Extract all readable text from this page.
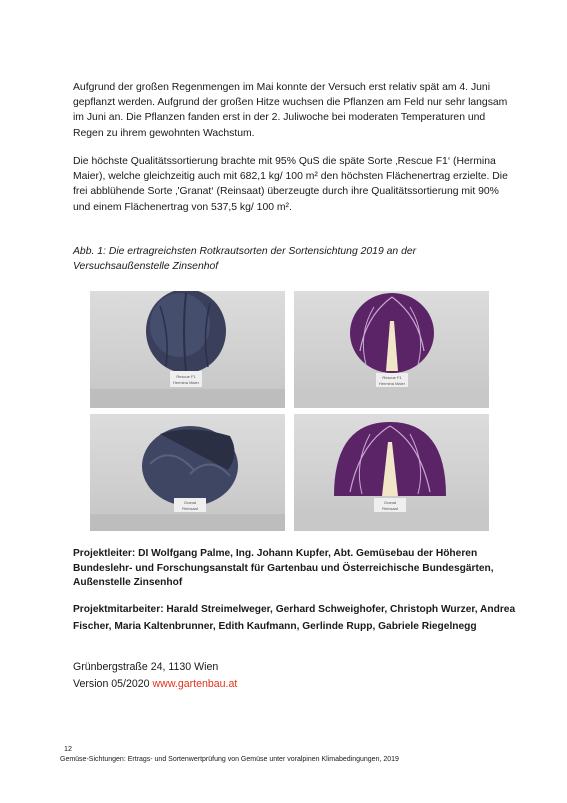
Aufgrund der großen Regenmengen im Mai konnte der Versuch erst relativ spät am 4. Juni gepflanzt werden. Aufgrund der großen Hitze wuchsen die Pflanzen am Feld nur sehr langsam im Juni an. Die Pflanzen fanden erst in der 2. Juliwoche bei moderaten Temperaturen und Regen zu ihrem gewohnten Wachstum.

Die höchste Qualitätssortierung brachte mit 95% QuS die späte Sorte ‚Rescue F1‘ (Hermina Maier), welche gleichzeitig auch mit 682,1 kg/ 100 m² den höchsten Flächenertrag erzielte. Die frei abblühende Sorte ‚'Granat‘ (Reinsaat) überzeugte durch ihre Qualitätssortierung mit 90% und einem Flächenertrag von 537,5 kg/ 100 m².

Abb. 1: Die ertragreichsten Rotkrautsorten der Sortensichtung 2019 an der Versuchsaußenstelle Zinsenhof

Rescue F1
Hermina Maier
Rescue F1
Hermina Maier
Granat
Reinsaat
Granat
Reinsaat

Projektleiter: DI Wolfgang Palme, Ing. Johann Kupfer, Abt. Gemüsebau der Höheren Bundeslehr- und Forschungsanstalt für Gartenbau und Österreichische Bundesgärten, Außenstelle Zinsenhof

Projektmitarbeiter: Harald Streimelweger, Gerhard Schweighofer, Christoph Wurzer, Andrea Fischer, Maria Kaltenbrunner, Edith Kaufmann, Gerlinde Rupp, Gabriele Riegelnegg

Grünbergstraße 24, 1130 Wien
Version 05/2020 www.gartenbau.at

12
Gemüse-Sichtungen: Ertrags- und Sortenwertprüfung von Gemüse unter voralpinen Klimabedingungen, 2019
